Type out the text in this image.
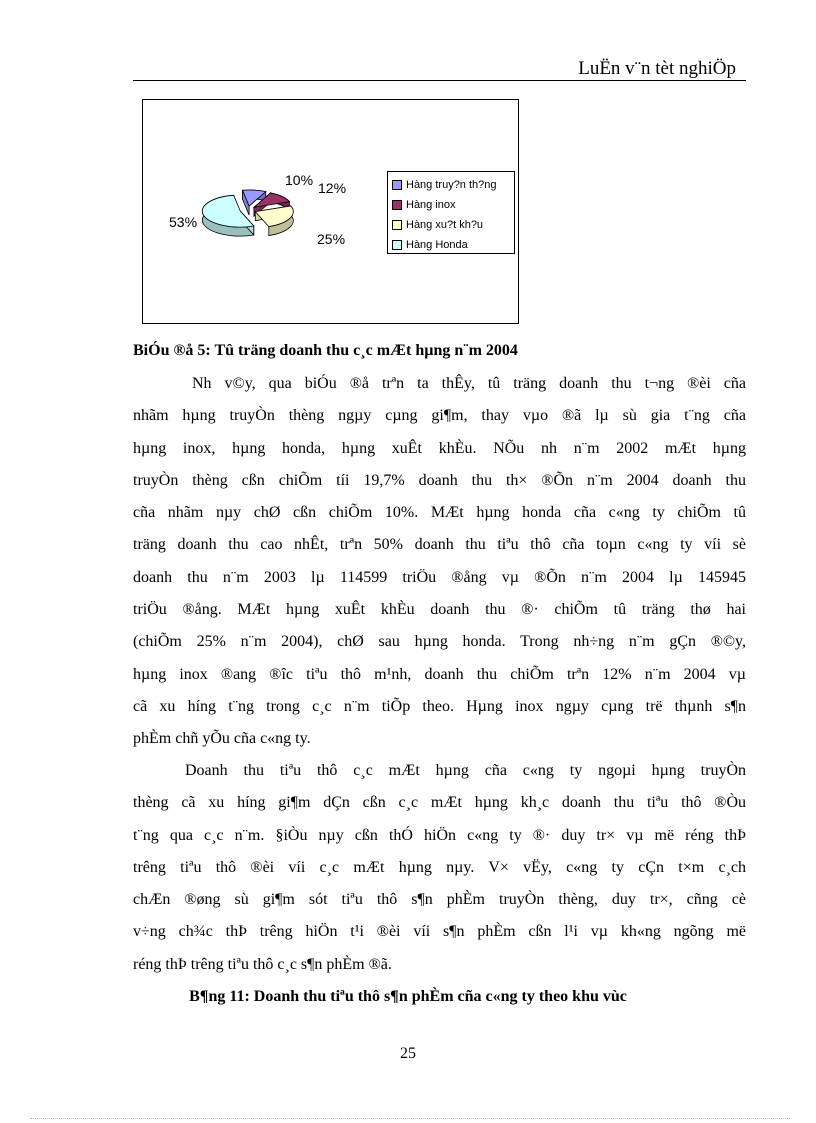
LuËn v¨n tèt nghiÖp
10% 12%
25%
53%
Hàng truy?n th?ng
Hàng inox
Hàng xu?t kh?u
Hàng Honda
BiÓu ®å 5: Tû träng doanh thu c¸c mÆt hµng n¨m 2004
Nh v©y, qua biÓu ®å trªn ta thÊy, tû träng doanh thu t¬ng ®èi cña
nhãm hµng truyÒn thèng ngµy cµng gi¶m, thay vµo ®ã lµ sù gia t¨ng cña
hµng inox, hµng honda, hµng xuÊt khÈu. NÕu nh n¨m 2002 mÆt hµng
truyÒn thèng cßn chiÕm tíi 19,7% doanh thu th× ®Õn n¨m 2004 doanh thu
cña nhãm nµy chØ cßn chiÕm 10%. MÆt hµng honda cña c«ng ty chiÕm tû
träng doanh thu cao nhÊt, trªn 50% doanh thu tiªu thô cña toµn c«ng ty víi sè
doanh thu n¨m 2003 lµ 114599 triÖu ®ång vµ ®Õn n¨m 2004 lµ 145945
triÖu ®ång. MÆt hµng xuÊt khÈu doanh thu ®· chiÕm tû träng thø hai
(chiÕm 25% n¨m 2004), chØ sau hµng honda. Trong nh÷ng n¨m gÇn ®©y,
hµng inox ®ang ®îc tiªu thô m¹nh, doanh thu chiÕm trªn 12% n¨m 2004 vµ
cã xu híng t¨ng trong c¸c n¨m tiÕp theo. Hµng inox ngµy cµng trë thµnh s¶n
phÈm chñ yÕu cña c«ng ty.
Doanh thu tiªu thô c¸c mÆt hµng cña c«ng ty ngoµi hµng truyÒn
thèng cã xu híng gi¶m dÇn cßn c¸c mÆt hµng kh¸c doanh thu tiªu thô ®Òu
t¨ng qua c¸c n¨m. §iÒu nµy cßn thÓ hiÖn c«ng ty ®· duy tr× vµ më réng thÞ
trêng tiªu thô ®èi víi c¸c mÆt hµng nµy. V× vËy, c«ng ty cÇn t×m c¸ch
chÆn ®øng sù gi¶m sót tiªu thô s¶n phÈm truyÒn thèng, duy tr×, cñng cè
v÷ng ch¾c thÞ trêng hiÖn t¹i ®èi víi s¶n phÈm cßn l¹i vµ kh«ng ngõng më
réng thÞ trêng tiªu thô c¸c s¶n phÈm ®ã.
B¶ng 11: Doanh thu tiªu thô s¶n phÈm cña c«ng ty theo khu vùc
25
